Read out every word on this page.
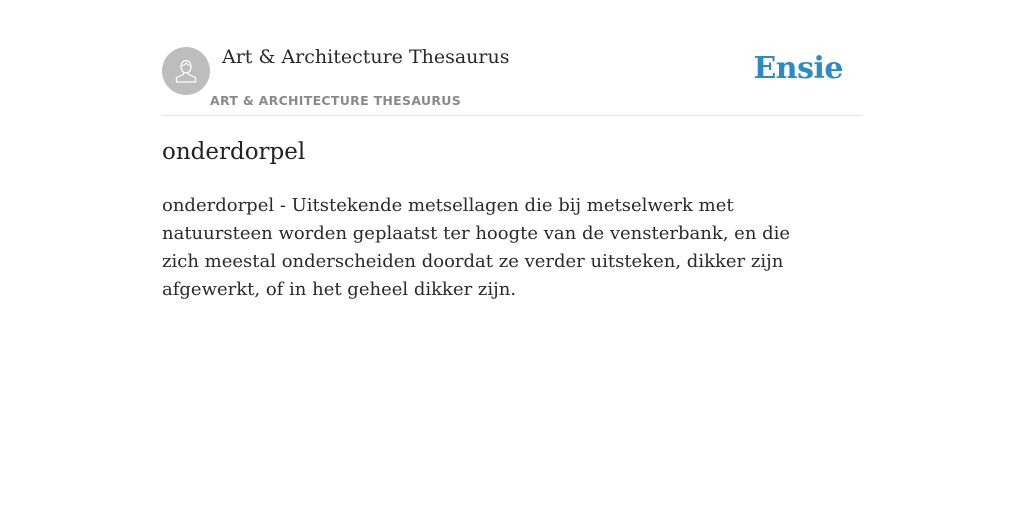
Art & Architecture Thesaurus
ART & ARCHITECTURE THESAURUS
Ensie
onderdorpel

onderdorpel - Uitstekende metsellagen die bij metselwerk met natuursteen worden geplaatst ter hoogte van de vensterbank, en die zich meestal onderscheiden doordat ze verder uitsteken, dikker zijn afgewerkt, of in het geheel dikker zijn.
